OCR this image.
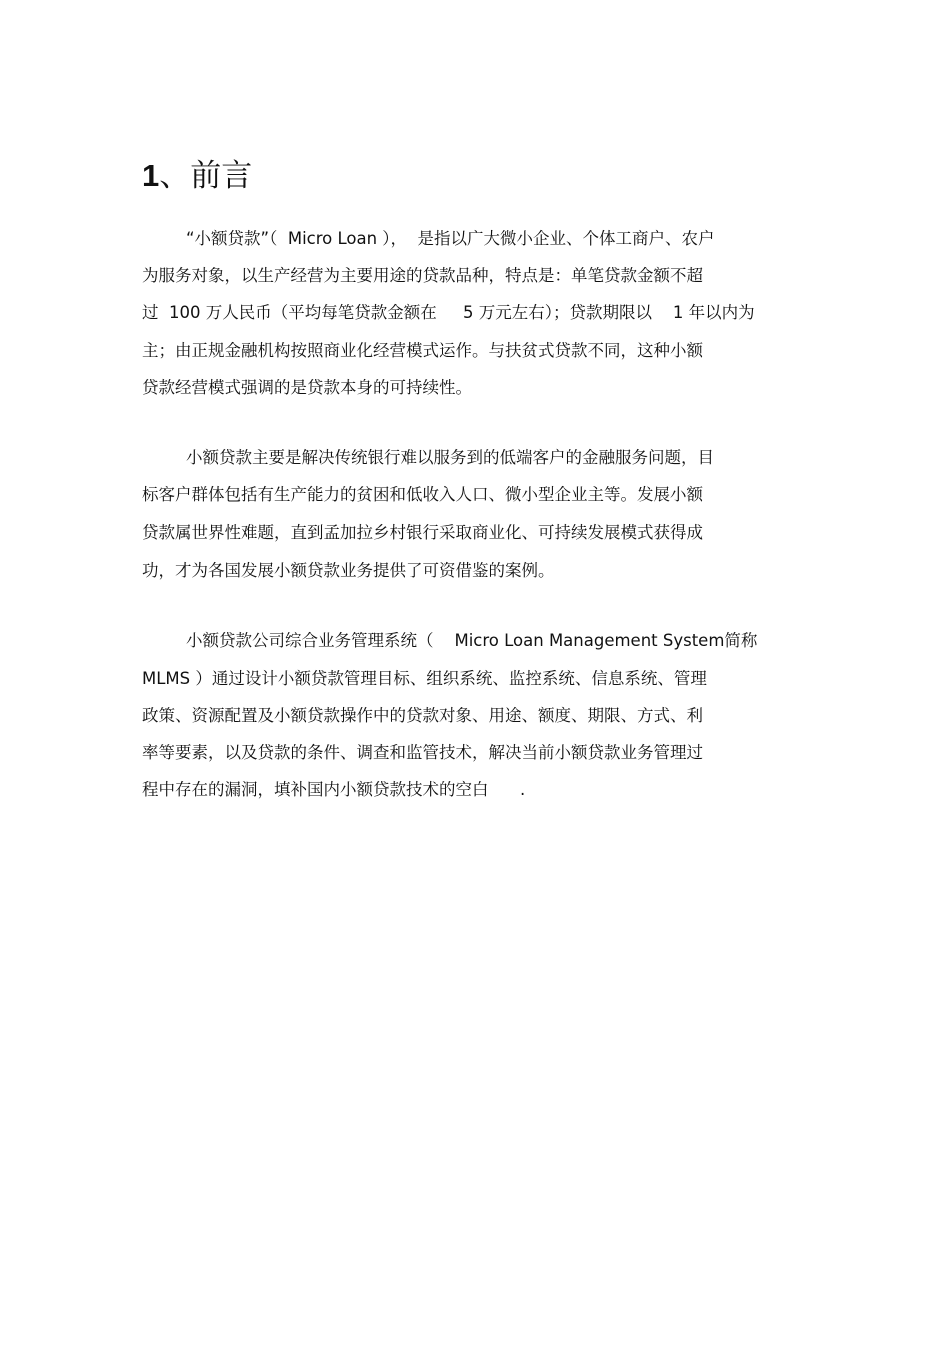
1、前言
“小额贷款”（  Micro Loan ），  是指以广大微小企业、个体工商户、农户
为服务对象，以生产经营为主要用途的贷款品种，特点是：单笔贷款金额不超
过  100 万人民币（平均每笔贷款金额在     5 万元左右）；贷款期限以    1 年以内为
主；由正规金融机构按照商业化经营模式运作。与扶贫式贷款不同，这种小额
贷款经营模式强调的是贷款本身的可持续性。
小额贷款主要是解决传统银行难以服务到的低端客户的金融服务问题，目
标客户群体包括有生产能力的贫困和低收入人口、微小型企业主等。发展小额
贷款属世界性难题，直到孟加拉乡村银行采取商业化、可持续发展模式获得成
功，才为各国发展小额贷款业务提供了可资借鉴的案例。
小额贷款公司综合业务管理系统（    Micro Loan Management System简称
MLMS ）通过设计小额贷款管理目标、组织系统、监控系统、信息系统、管理
政策、资源配置及小额贷款操作中的贷款对象、用途、额度、期限、方式、利
率等要素，以及贷款的条件、调查和监管技术，解决当前小额贷款业务管理过
程中存在的漏洞，填补国内小额贷款技术的空白      .
